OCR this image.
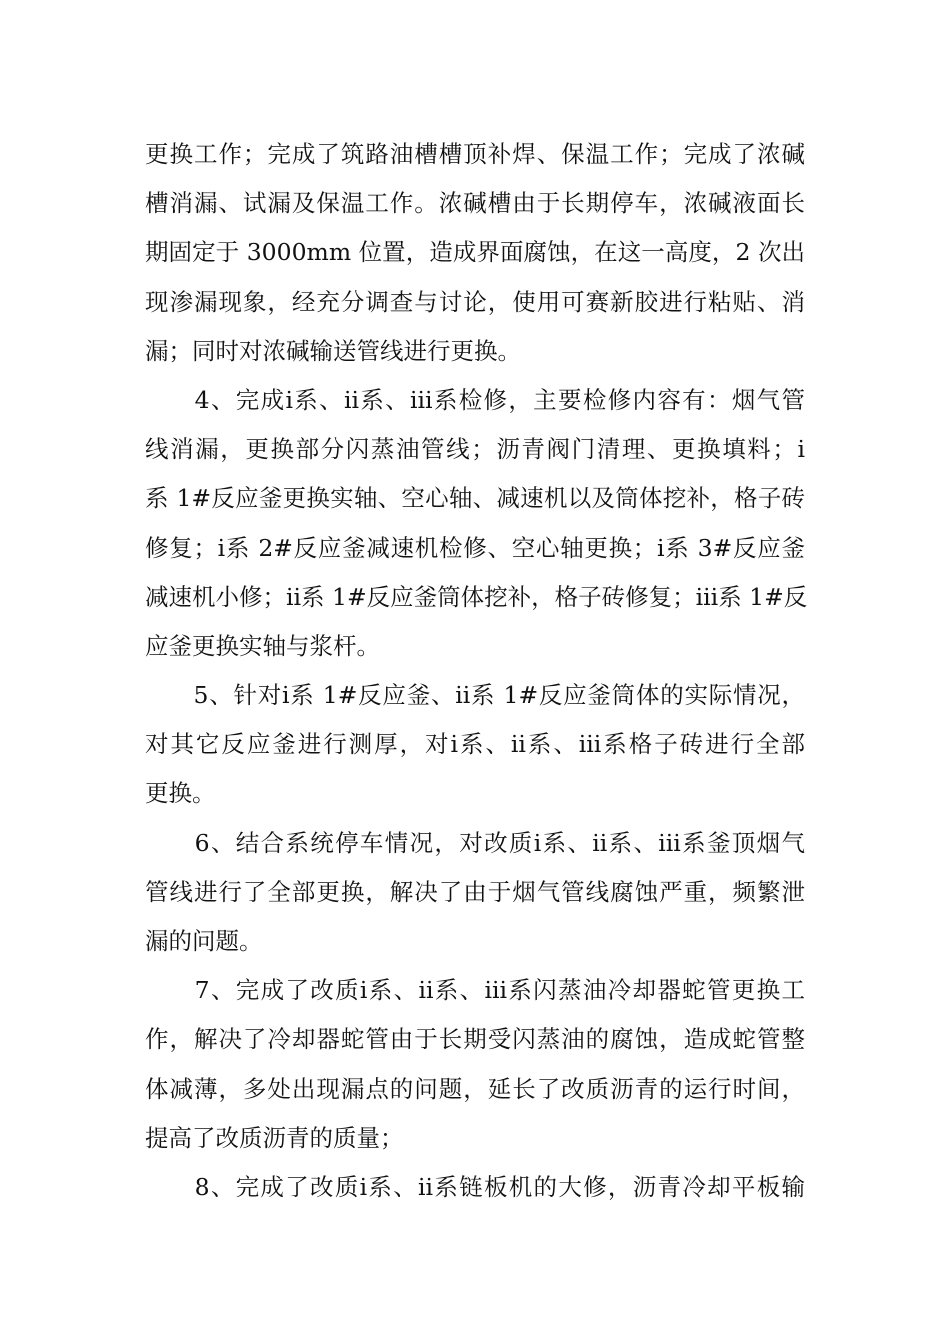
更换工作；完成了筑路油槽槽顶补焊、保温工作；完成了浓碱
槽消漏、试漏及保温工作。浓碱槽由于长期停车，浓碱液面长
期固定于 3000mm 位置，造成界面腐蚀，在这一高度，2 次出
现渗漏现象，经充分调查与讨论，使用可赛新胶进行粘贴、消
漏；同时对浓碱输送管线进行更换。
　　4、完成ⅰ系、ⅱ系、ⅲ系检修，主要检修内容有：烟气管
线消漏，更换部分闪蒸油管线；沥青阀门清理、更换填料；ⅰ
系 1#反应釜更换实轴、空心轴、减速机以及筒体挖补，格子砖
修复；ⅰ系 2#反应釜减速机检修、空心轴更换；ⅰ系 3#反应釜
减速机小修；ⅱ系 1#反应釜筒体挖补，格子砖修复；ⅲ系 1#反
应釜更换实轴与浆杆。
　　5、针对ⅰ系 1#反应釜、ⅱ系 1#反应釜筒体的实际情况，
对其它反应釜进行测厚，对ⅰ系、ⅱ系、ⅲ系格子砖进行全部
更换。
　　6、结合系统停车情况，对改质ⅰ系、ⅱ系、ⅲ系釜顶烟气
管线进行了全部更换，解决了由于烟气管线腐蚀严重，频繁泄
漏的问题。
　　7、完成了改质ⅰ系、ⅱ系、ⅲ系闪蒸油冷却器蛇管更换工
作，解决了冷却器蛇管由于长期受闪蒸油的腐蚀，造成蛇管整
体减薄，多处出现漏点的问题，延长了改质沥青的运行时间，
提高了改质沥青的质量；
　　8、完成了改质ⅰ系、ⅱ系链板机的大修，沥青冷却平板输
